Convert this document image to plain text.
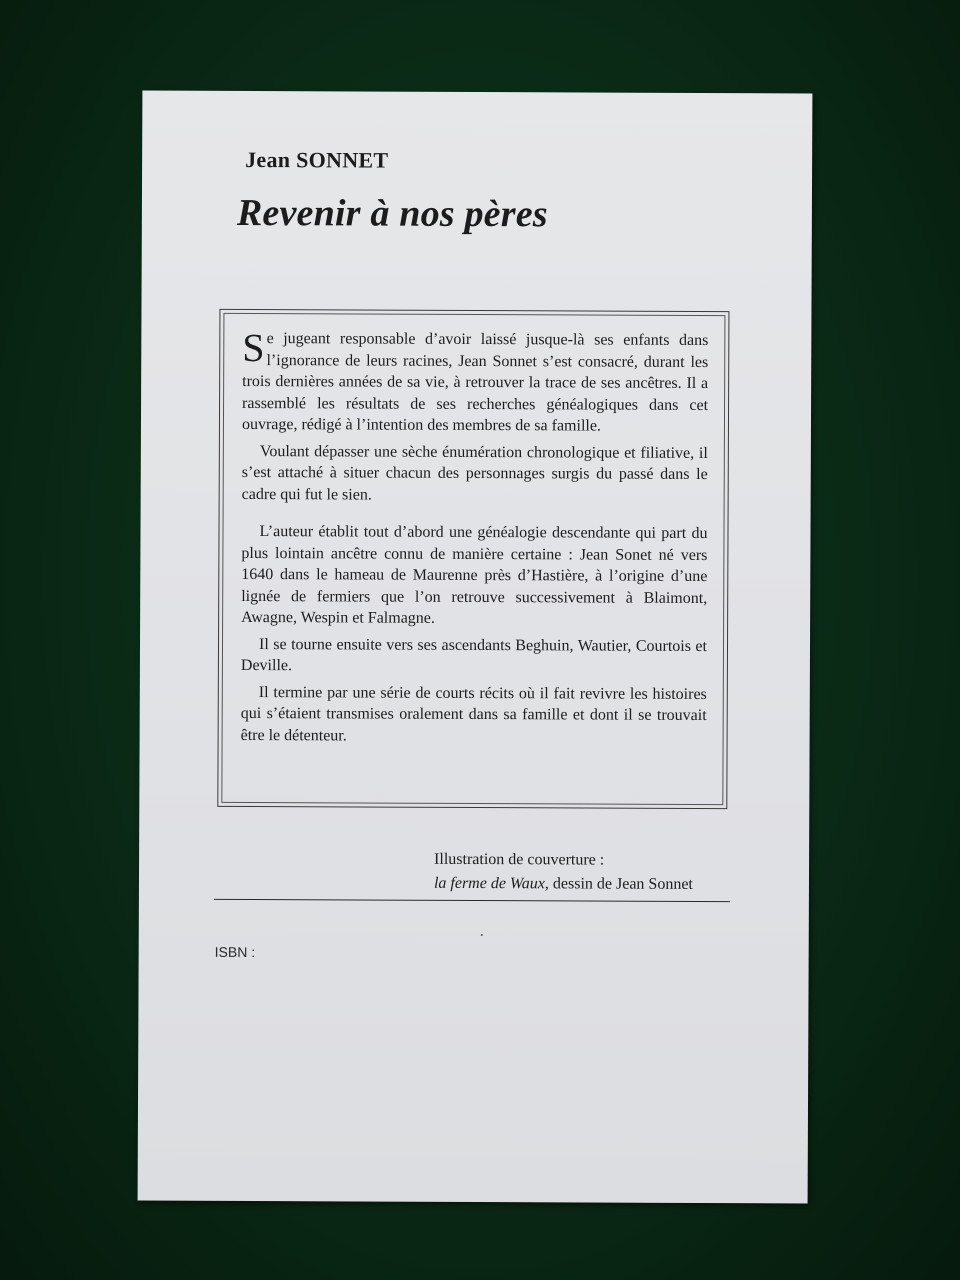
Jean SONNET
Revenir à nos pères

Se jugeant responsable d’avoir laissé jusque-là ses enfants dans l’ignorance de leurs racines, Jean Sonnet s’est consacré, durant les trois dernières années de sa vie, à retrouver la trace de ses ancêtres. Il a rassemblé les résultats de ses recherches généalogiques dans cet ouvrage, rédigé à l’intention des membres de sa famille.

Voulant dépasser une sèche énumération chronologique et filiative, il s’est attaché à situer chacun des personnages surgis du passé dans le cadre qui fut le sien.

L’auteur établit tout d’abord une généalogie descendante qui part du plus lointain ancêtre connu de manière certaine : Jean Sonet né vers 1640 dans le hameau de Maurenne près d’Hastière, à l’origine d’une lignée de fermiers que l’on retrouve successivement à Blaimont, Awagne, Wespin et Falmagne.

Il se tourne ensuite vers ses ascendants Beghuin, Wautier, Courtois et Deville.

Il termine par une série de courts récits où il fait revivre les histoires qui s’étaient transmises oralement dans sa famille et dont il se trouvait être le détenteur.

Illustration de couverture :
la ferme de Waux, dessin de Jean Sonnet
ISBN :
